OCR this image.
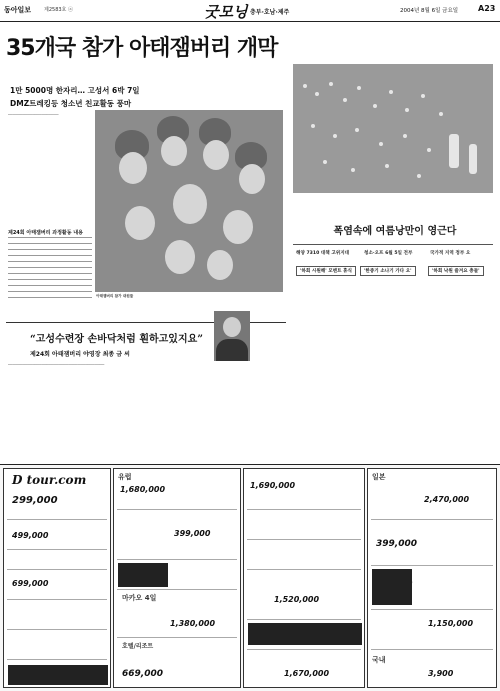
동아일보	제2583호 ⓐ	굿모닝 충부·호남·제주	2004년 8월 6일 금요일 A23
35개국 참가 아태잼버리 개막
1만 5000명 한자리… 고성서 6박 7일
DMZ트레킹등 청소년 친교활동 풍마
─────────────────────
아태잼버리 참가 대원들
제24회 아태잼버리 과정활동 내용

“고성수련장 손바닥처럼 훤하고있지요”
제24회 아태잼버리 야영장 최종 금 씨
────────────────────────────────────────
폭염속에 여름낭만이 영근다
해양 7310 대책 고위지대	청소·오프 6월 5일 전부	국가적 지역 정부 오
'하회 시원해' 모멘트 휴식	'한중기 소나기 가다 오'	'하회 낙원 즐겨요 충들'
D tour.com
299,000
499,000
699,000
유럽
1,680,000
399,000
마카오 4일
1,380,000
호텔/리조트
669,000
1,690,000
1,670,000
1,520,000
일본
2,470,000
399,000
1,150,000
국내
3,900
